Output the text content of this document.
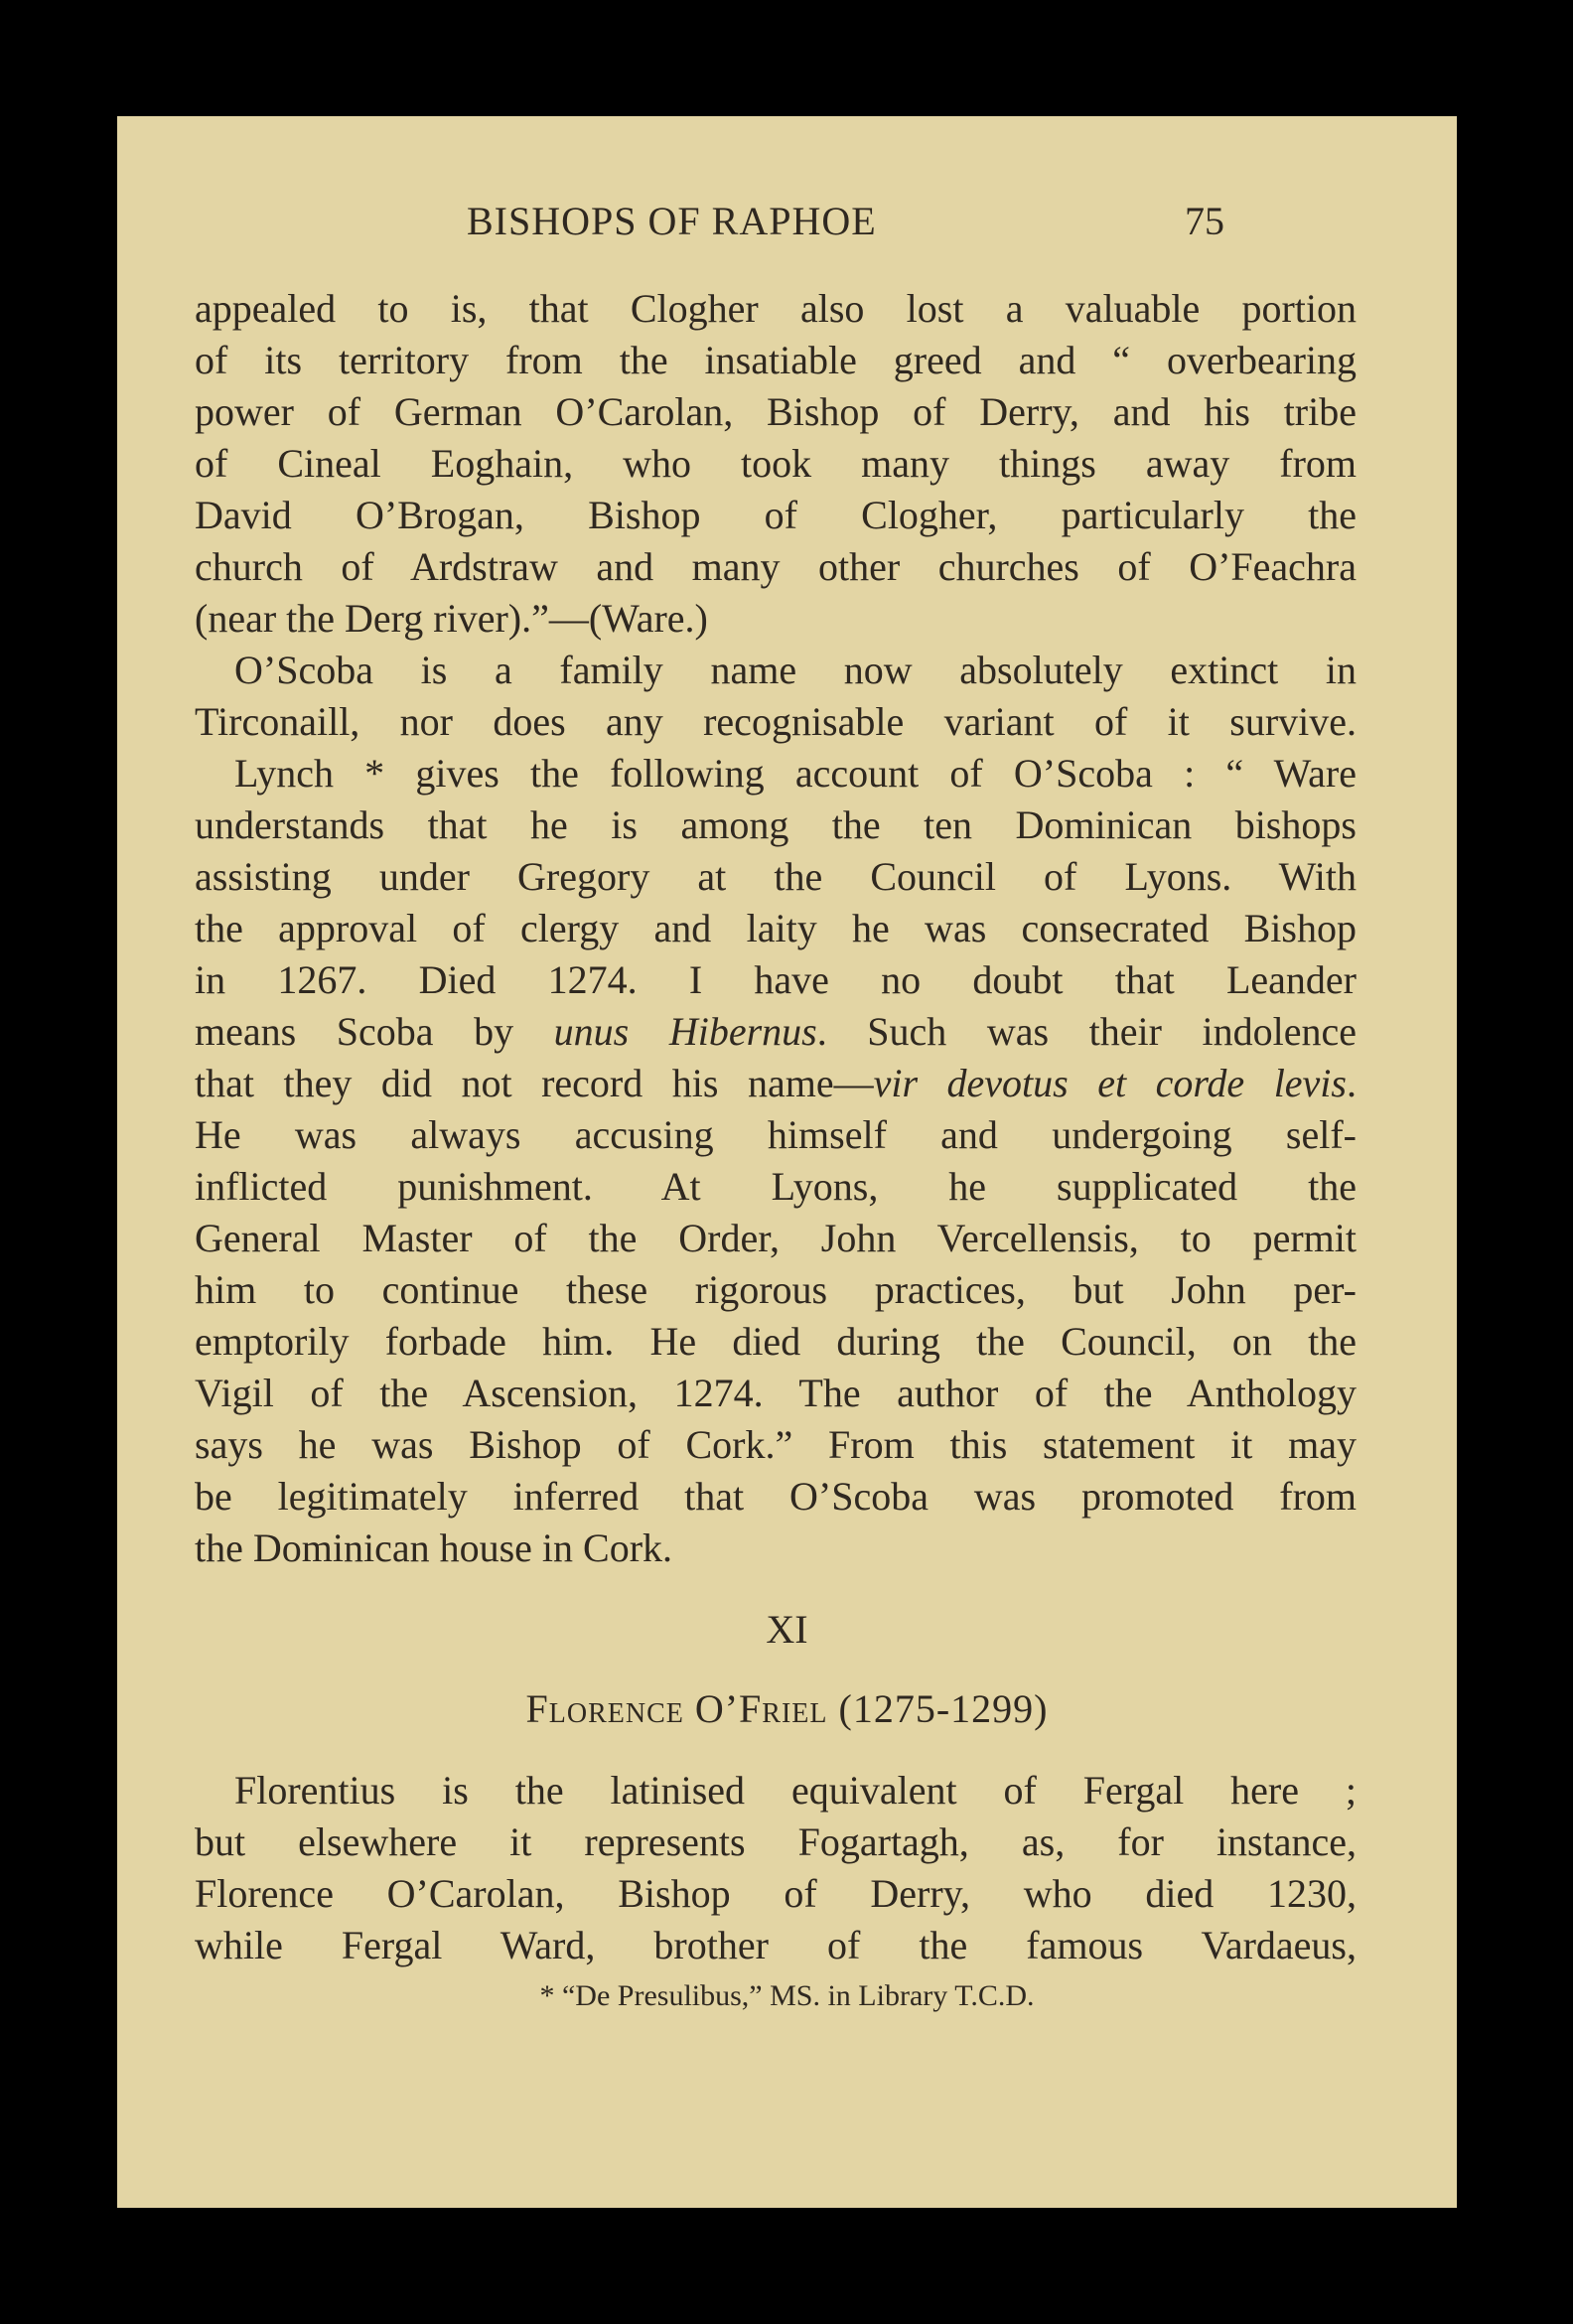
BISHOPS OF RAPHOE	75
appealed to is, that Clogher also lost a valuable portion
of its territory from the insatiable greed and “ overbearing
power of German O’Carolan, Bishop of Derry, and his tribe
of Cineal Eoghain, who took many things away from
David O’Brogan, Bishop of Clogher, particularly the
church of Ardstraw and many other churches of O’Feachra
(near the Derg river).”—(Ware.)
O’Scoba is a family name now absolutely extinct in
Tirconaill, nor does any recognisable variant of it survive.
Lynch * gives the following account of O’Scoba : “ Ware
understands that he is among the ten Dominican bishops
assisting under Gregory at the Council of Lyons. With
the approval of clergy and laity he was consecrated Bishop
in 1267. Died 1274. I have no doubt that Leander
means Scoba by unus Hibernus. Such was their indolence
that they did not record his name—vir devotus et corde levis.
He was always accusing himself and undergoing self-
inflicted punishment. At Lyons, he supplicated the
General Master of the Order, John Vercellensis, to permit
him to continue these rigorous practices, but John per-
emptorily forbade him. He died during the Council, on the
Vigil of the Ascension, 1274. The author of the Anthology
says he was Bishop of Cork.” From this statement it may
be legitimately inferred that O’Scoba was promoted from
the Dominican house in Cork.
XI
Florence O’Friel (1275-1299)
Florentius is the latinised equivalent of Fergal here ;
but elsewhere it represents Fogartagh, as, for instance,
Florence O’Carolan, Bishop of Derry, who died 1230,
while Fergal Ward, brother of the famous Vardaeus,
* “De Presulibus,” MS. in Library T.C.D.
